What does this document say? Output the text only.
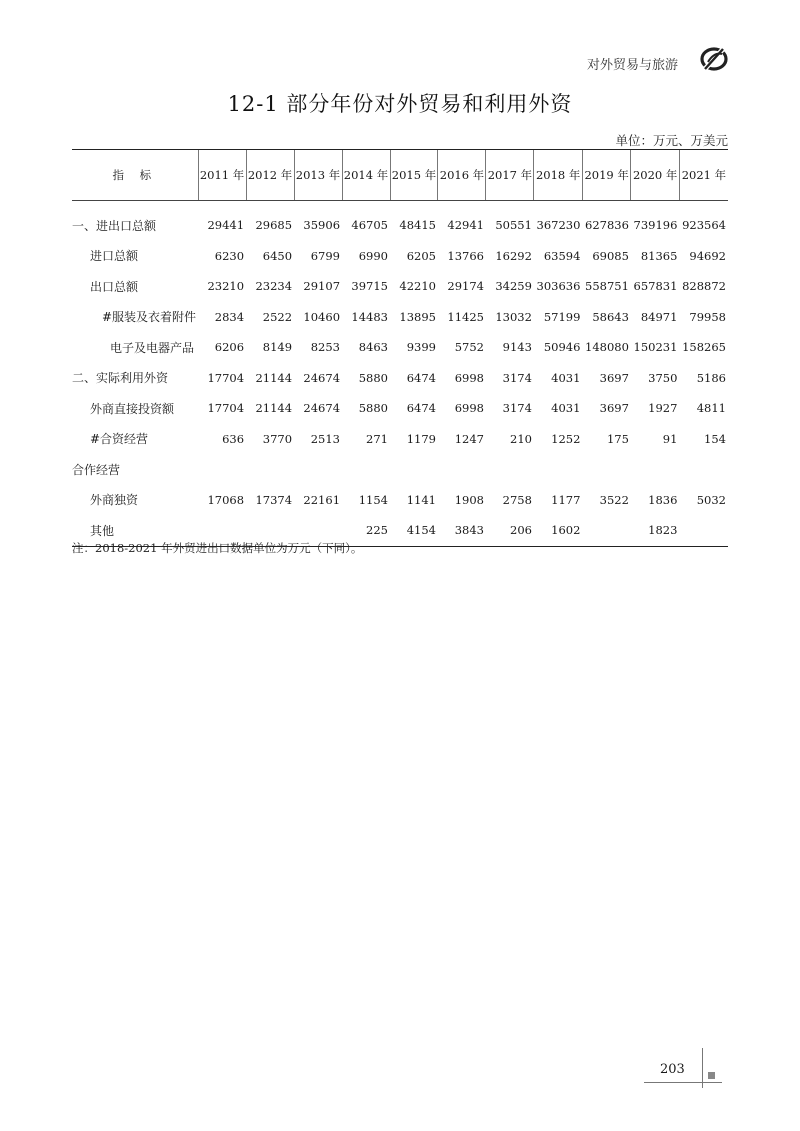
对外贸易与旅游
12-1 部分年份对外贸易和利用外资
单位：万元、万美元
指 标	2011 年	2012 年	2013 年	2014 年	2015 年	2016 年	2017 年	2018 年	2019 年	2020 年	2021 年
一、进出口总额	29441	29685	35906	46705	48415	42941	50551	367230	627836	739196	923564
进口总额	6230	6450	6799	6990	6205	13766	16292	63594	69085	81365	94692
出口总额	23210	23234	29107	39715	42210	29174	34259	303636	558751	657831	828872
#服装及衣着附件	2834	2522	10460	14483	13895	11425	13032	57199	58643	84971	79958
电子及电器产品	6206	8149	8253	8463	9399	5752	9143	50946	148080	150231	158265
二、实际利用外资	17704	21144	24674	5880	6474	6998	3174	4031	3697	3750	5186
外商直接投资额	17704	21144	24674	5880	6474	6998	3174	4031	3697	1927	4811
#合资经营	636	3770	2513	271	1179	1247	210	1252	175	91	154
合作经营											
外商独资	17068	17374	22161	1154	1141	1908	2758	1177	3522	1836	5032
其他				225	4154	3843	206	1602		1823	
注：2018-2021 年外贸进出口数据单位为万元（下同）。
203
